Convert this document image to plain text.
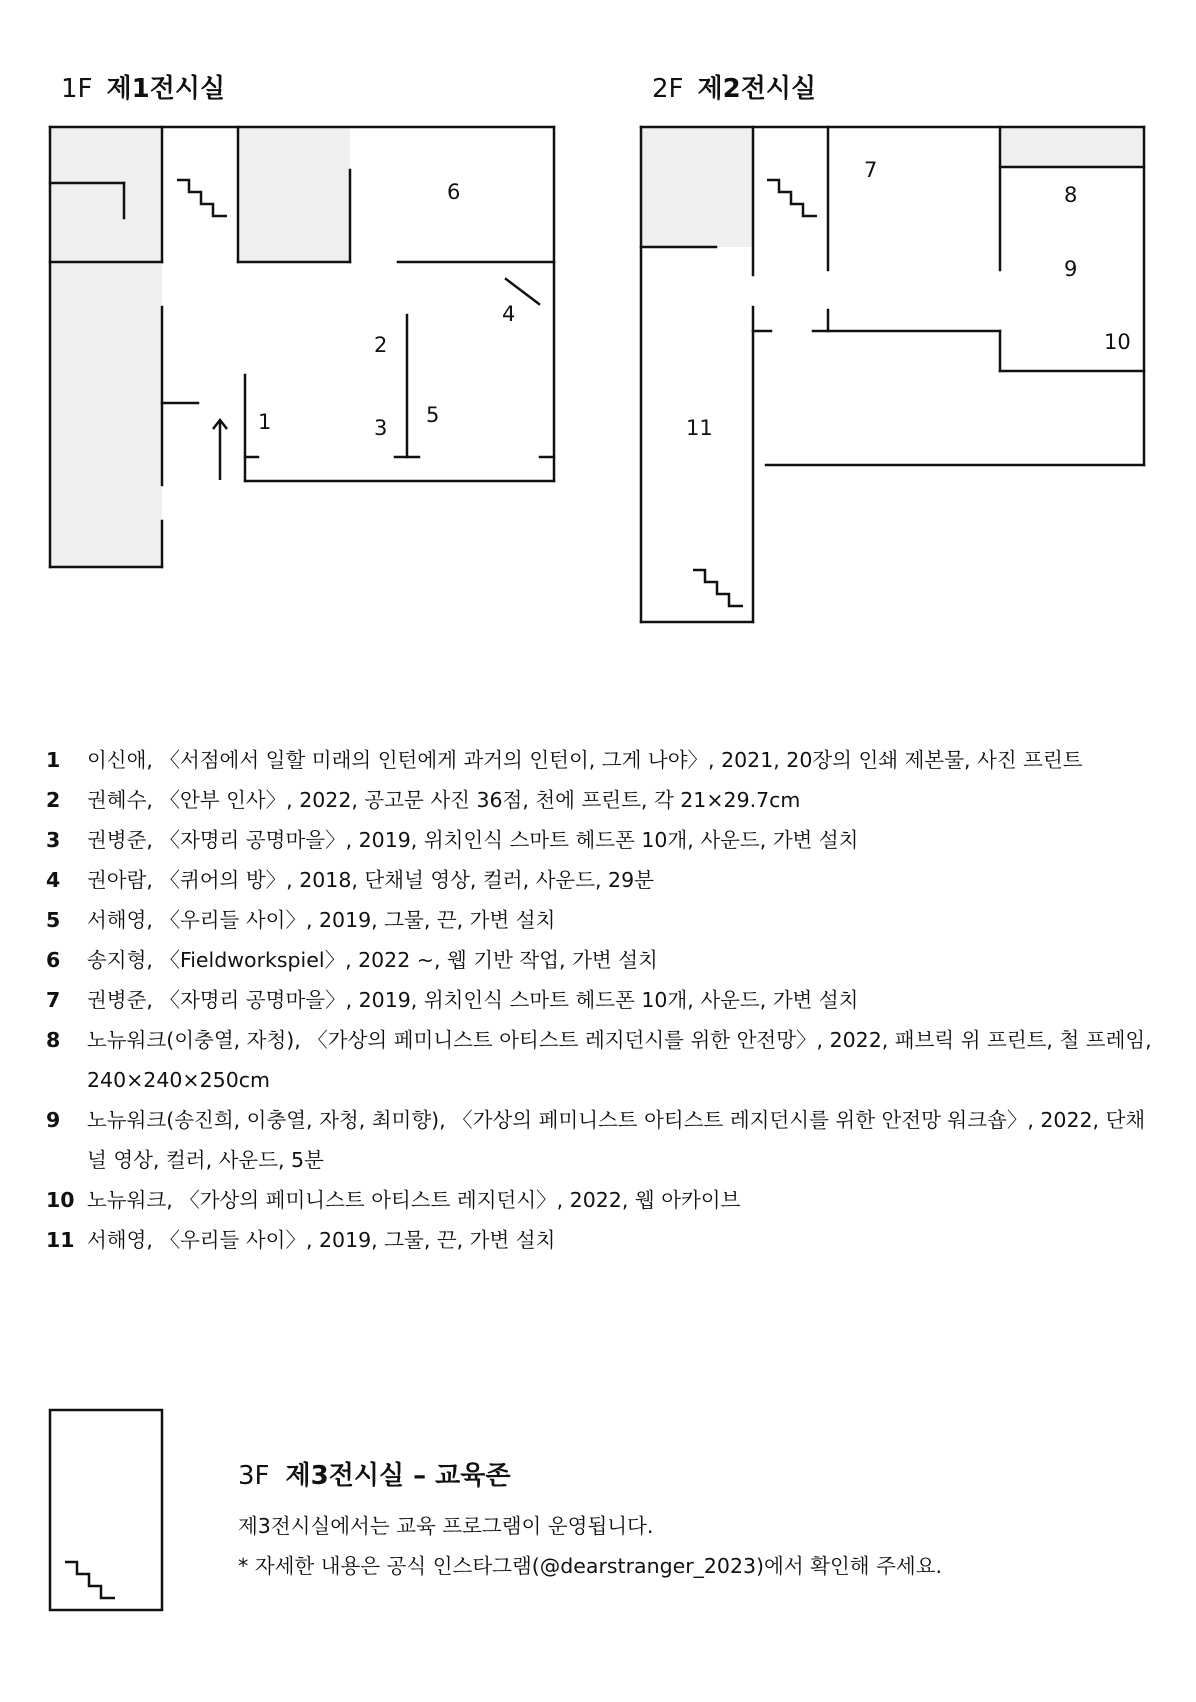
1F 제1전시실	2F 제2전시실
1
2
3
4
5
6
7
8
9
10
11
1	이신애, 〈서점에서 일할 미래의 인턴에게 과거의 인턴이, 그게 나야〉, 2021, 20장의 인쇄 제본물, 사진 프린트
2	권혜수, 〈안부 인사〉, 2022, 공고문 사진 36점, 천에 프린트, 각 21×29.7cm
3	권병준, 〈자명리 공명마을〉, 2019, 위치인식 스마트 헤드폰 10개, 사운드, 가변 설치
4	권아람, 〈퀴어의 방〉, 2018, 단채널 영상, 컬러, 사운드, 29분
5	서해영, 〈우리들 사이〉, 2019, 그물, 끈, 가변 설치
6	송지형, 〈Fieldworkspiel〉, 2022 ~, 웹 기반 작업, 가변 설치
7	권병준, 〈자명리 공명마을〉, 2019, 위치인식 스마트 헤드폰 10개, 사운드, 가변 설치
8	노뉴워크(이충열, 자청), 〈가상의 페미니스트 아티스트 레지던시를 위한 안전망〉, 2022, 패브릭 위 프린트, 철 프레임, 240×240×250cm
9	노뉴워크(송진희, 이충열, 자청, 최미향), 〈가상의 페미니스트 아티스트 레지던시를 위한 안전망 워크숍〉, 2022, 단채널 영상, 컬러, 사운드, 5분
10 노뉴워크, 〈가상의 페미니스트 아티스트 레지던시〉, 2022, 웹 아카이브
11 서해영, 〈우리들 사이〉, 2019, 그물, 끈, 가변 설치
3F 제3전시실 – 교육존
제3전시실에서는 교육 프로그램이 운영됩니다.
* 자세한 내용은 공식 인스타그램(@dearstranger_2023)에서 확인해 주세요.
